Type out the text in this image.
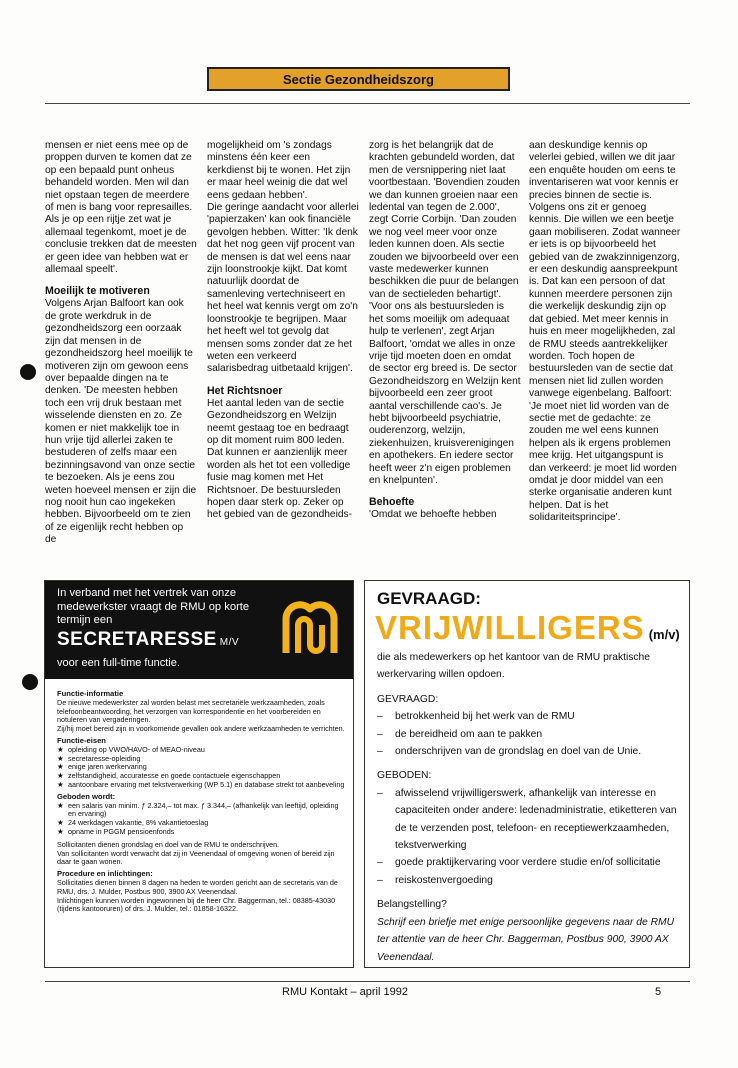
Sectie Gezondheidszorg

mensen er niet eens mee op de proppen durven te komen dat ze op een bepaald punt onheus behandeld worden. Men wil dan niet opstaan tegen de meerdere of men is bang voor represailles. Als je op een rijtje zet wat je allemaal tegenkomt, moet je de conclusie trekken dat de meesten er geen idee van hebben wat er allemaal speelt'.

Moeilijk te motiveren

Volgens Arjan Balfoort kan ook de grote werkdruk in de gezondheidszorg een oorzaak zijn dat mensen in de gezondheidszorg heel moeilijk te motiveren zijn om gewoon eens over bepaalde dingen na te denken. 'De meesten hebben toch een vrij druk bestaan met wisselende diensten en zo. Ze komen er niet makkelijk toe in hun vrije tijd allerlei zaken te bestuderen of zelfs maar een bezinningsavond van onze sectie te bezoeken. Als je eens zou weten hoeveel mensen er zijn die nog nooit hun cao ingekeken hebben. Bijvoorbeeld om te zien of ze eigenlijk recht hebben op de

mogelijkheid om 's zondags minstens één keer een kerkdienst bij te wonen. Het zijn er maar heel weinig die dat wel eens gedaan hebben'.

Die geringe aandacht voor allerlei 'papierzaken' kan ook financiële gevolgen hebben. Witter: 'Ik denk dat het nog geen vijf procent van de mensen is dat wel eens naar zijn loonstrookje kijkt. Dat komt natuurlijk doordat de samenleving vertechniseert en het heel wat kennis vergt om zo'n loonstrookje te begrijpen. Maar het heeft wel tot gevolg dat mensen soms zonder dat ze het weten een verkeerd salarisbedrag uitbetaald krijgen'.

Het Richtsnoer

Het aantal leden van de sectie Gezondheidszorg en Welzijn neemt gestaag toe en bedraagt op dit moment ruim 800 leden. Dat kunnen er aanzienlijk meer worden als het tot een volledige fusie mag komen met Het Richtsnoer. De bestuursleden hopen daar sterk op. Zeker op het gebied van de gezondheids-

zorg is het belangrijk dat de krachten gebundeld worden, dat men de versnippering niet laat voortbestaan. 'Bovendien zouden we dan kunnen groeien naar een ledental van tegen de 2.000', zegt Corrie Corbijn. 'Dan zouden we nog veel meer voor onze leden kunnen doen. Als sectie zouden we bijvoorbeeld over een vaste medewerker kunnen beschikken die puur de belangen van de sectieleden behartigt'.

'Voor ons als bestuursleden is het soms moeilijk om adequaat hulp te verlenen', zegt Arjan Balfoort, 'omdat we alles in onze vrije tijd moeten doen en omdat de sector erg breed is. De sector Gezondheidszorg en Welzijn kent bijvoorbeeld een zeer groot aantal verschillende cao's. Je hebt bijvoorbeeld psychiatrie, ouderenzorg, welzijn, ziekenhuizen, kruisverenigingen en apothekers. En iedere sector heeft weer z'n eigen problemen en knelpunten'.

Behoefte

'Omdat we behoefte hebben

aan deskundige kennis op velerlei gebied, willen we dit jaar een enquête houden om eens te inventariseren wat voor kennis er precies binnen de sectie is. Volgens ons zit er genoeg kennis. Die willen we een beetje gaan mobiliseren. Zodat wanneer er iets is op bijvoorbeeld het gebied van de zwakzinnigenzorg, er een deskundig aanspreekpunt is. Dat kan een persoon of dat kunnen meerdere personen zijn die werkelijk deskundig zijn op dat gebied. Met meer kennis in huis en meer mogelijkheden, zal de RMU steeds aantrekkelijker worden. Toch hopen de bestuursleden van de sectie dat mensen niet lid zullen worden vanwege eigenbelang. Balfoort: 'Je moet niet lid worden van de sectie met de gedachte: ze zouden me wel eens kunnen helpen als ik ergens problemen mee krijg. Het uitgangspunt is dan verkeerd: je moet lid worden omdat je door middel van een sterke organisatie anderen kunt helpen. Dat is het solidariteitsprincipe'.

In verband met het vertrek van onze medewerkster vraagt de RMU op korte termijn een
SECRETARESSE M/V
voor een full-time functie.
Functie-informatie

De nieuwe medewerkster zal worden belast met secretariële werkzaamheden, zoals telefoonbeantwoording, het verzorgen van korrespondentie en het voorbereiden en notuleren van vergaderingen.

Zij/hij moet bereid zijn in voorkomende gevallen ook andere werkzaamheden te verrichten.

Functie-eisen
★ opleiding op VWO/HAVO- of MEAO-niveau
★ secretaresse-opleiding
★ enige jaren werkervaring
★ zelfstandigheid, accuratesse en goede contactuele eigenschappen
★ aantoonbare ervaring met tekstverwerking (WP 5.1) en database strekt tot aanbeveling
Geboden wordt:
★ een salaris van minim. ƒ 2.324,– tot max. ƒ 3.344,– (afhankelijk van leeftijd, opleiding en ervaring)
★ 24 werkdagen vakantie, 8% vakantietoeslag
★ opname in PGGM pensioenfonds

Sollicitanten dienen grondslag en doel van de RMU te onderschrijven.

Van sollicitanten wordt verwacht dat zij in Veenendaal of omgeving wonen of bereid zijn daar te gaan wonen.

Procedure en inlichtingen:

Sollicitaties dienen binnen 8 dagen na heden te worden gericht aan de secretaris van de RMU, drs. J. Mulder, Postbus 900, 3900 AX Veenendaal.

Inlichtingen kunnen worden ingewonnen bij de heer Chr. Baggerman, tel.: 08385-43030 (tijdens kantooruren) of drs. J. Mulder, tel.: 01858-16322.

GEVRAAGD:
VRIJWILLIGERS (m/v)

die als medewerkers op het kantoor van de RMU praktische werkervaring willen opdoen.

GEVRAAGD:

– betrokkenheid bij het werk van de RMU
– de bereidheid om aan te pakken
– onderschrijven van de grondslag en doel van de Unie.

GEBODEN:

– afwisselend vrijwilligerswerk, afhankelijk van interesse en capaciteiten onder andere: ledenadministratie, etiketteren van de te verzenden post, telefoon- en receptiewerkzaamheden, tekstverwerking
– goede praktijkervaring voor verdere studie en/of sollicitatie
– reiskostenvergoeding

Belangstelling?

Schrijf een briefje met enige persoonlijke gegevens naar de RMU ter attentie van de heer Chr. Baggerman, Postbus 900, 3900 AX Veenendaal.

RMU Kontakt – april 1992	5
